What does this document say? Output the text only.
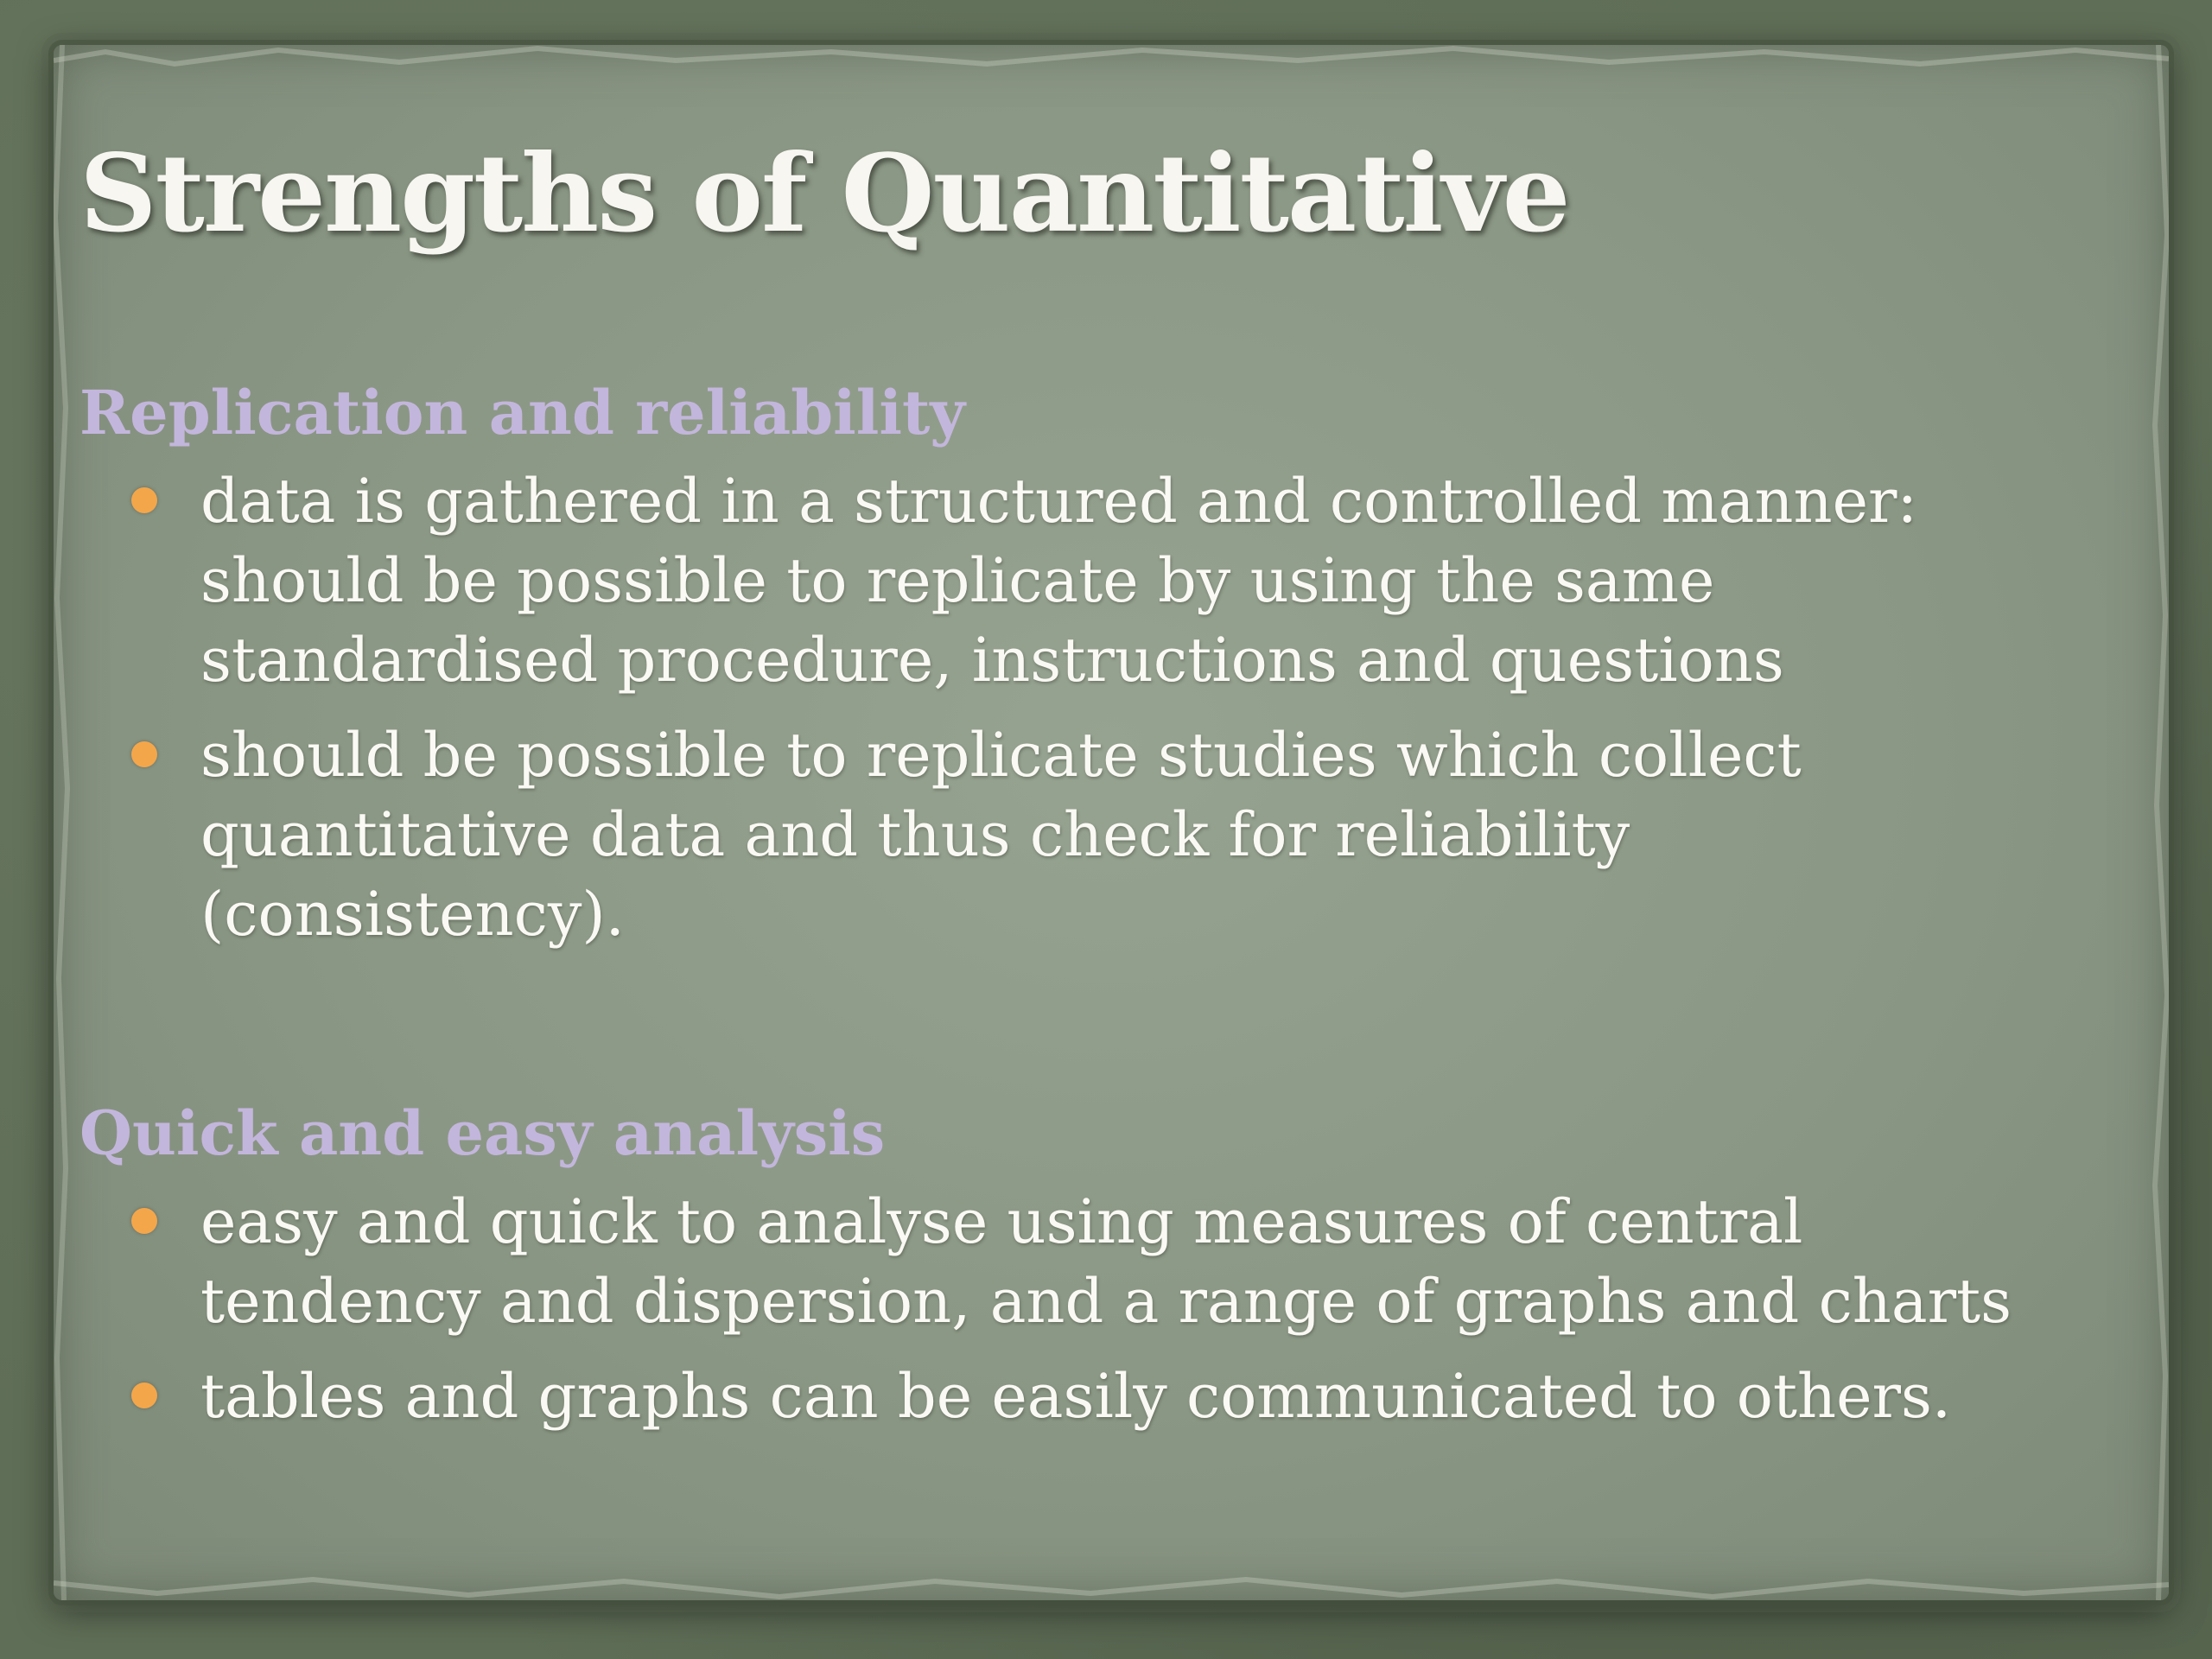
Strengths of Quantitative
Replication and reliability
data is gathered in a structured and controlled manner: should be possible to replicate by using the same standardised procedure, instructions and questions
should be possible to replicate studies which collect quantitative data and thus check for reliability (consistency).
Quick and easy analysis
easy and quick to analyse using measures of central tendency and dispersion, and a range of graphs and charts
tables and graphs can be easily communicated to others.
